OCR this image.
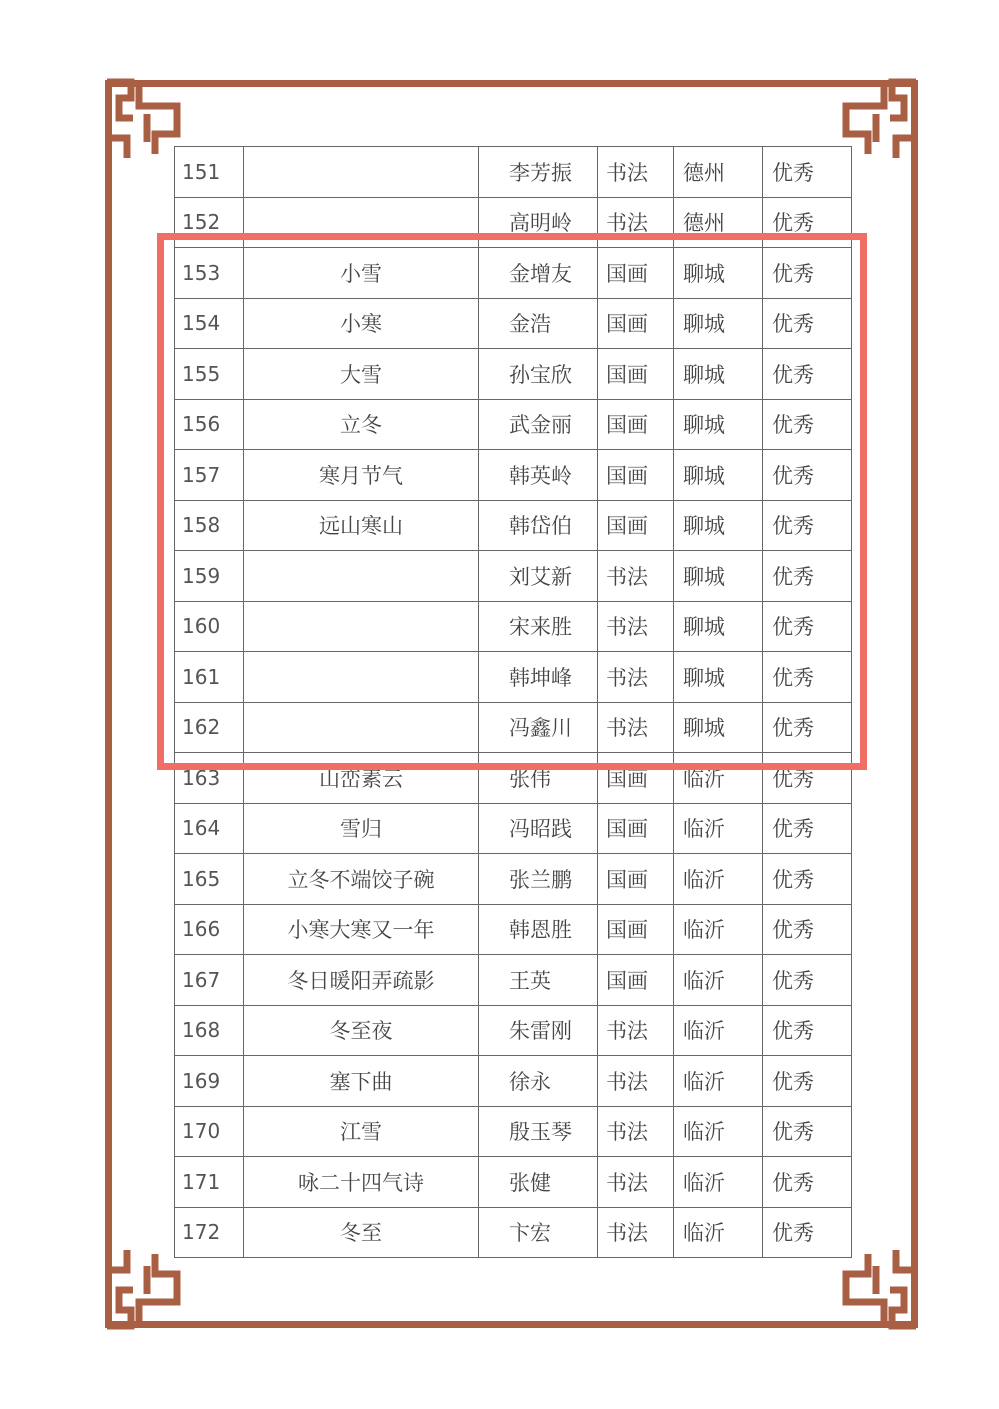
151		李芳振	书法	德州	优秀
152		高明岭	书法	德州	优秀
153	小雪	金增友	国画	聊城	优秀
154	小寒	金浩	国画	聊城	优秀
155	大雪	孙宝欣	国画	聊城	优秀
156	立冬	武金丽	国画	聊城	优秀
157	寒月节气	韩英岭	国画	聊城	优秀
158	远山寒山	韩岱伯	国画	聊城	优秀
159		刘艾新	书法	聊城	优秀
160		宋来胜	书法	聊城	优秀
161		韩坤峰	书法	聊城	优秀
162		冯鑫川	书法	聊城	优秀
163	山峦素云	张伟	国画	临沂	优秀
164	雪归	冯昭践	国画	临沂	优秀
165	立冬不端饺子碗	张兰鹏	国画	临沂	优秀
166	小寒大寒又一年	韩恩胜	国画	临沂	优秀
167	冬日暖阳弄疏影	王英	国画	临沂	优秀
168	冬至夜	朱雷刚	书法	临沂	优秀
169	塞下曲	徐永	书法	临沂	优秀
170	江雪	殷玉琴	书法	临沂	优秀
171	咏二十四气诗	张健	书法	临沂	优秀
172	冬至	卞宏	书法	临沂	优秀
